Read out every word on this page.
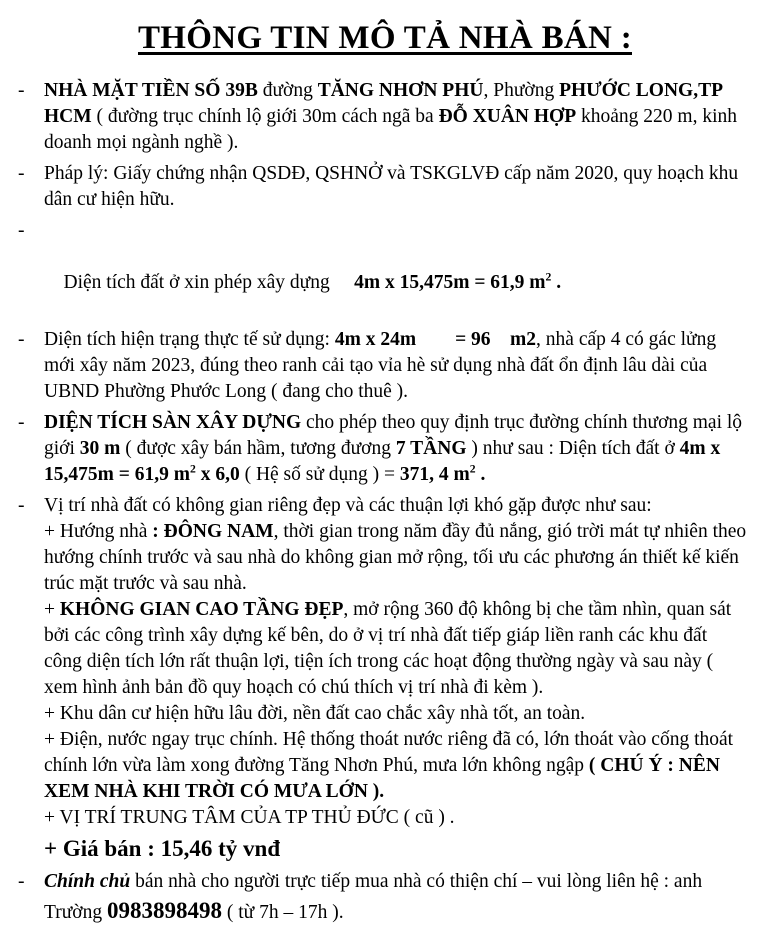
THÔNG TIN MÔ TẢ NHÀ BÁN :
- NHÀ MẶT TIỀN SỐ 39B đường TĂNG NHƠN PHÚ, Phường PHƯỚC LONG,TP HCM ( đường trục chính lộ giới 30m cách ngã ba ĐỖ XUÂN HỢP khoảng 220 m, kinh doanh mọi ngành nghề ).
- Pháp lý: Giấy chứng nhận QSDĐ, QSHNỞ và TSKGLVĐ cấp năm 2020, quy hoạch khu dân cư hiện hữu.

-

Diện tích đất ở xin phép xây dựng     4m x 15,475m = 61,9 $m^2$ .

- Diện tích hiện trạng thực tế sử dụng: 4m x 24m        = 96    m2, nhà cấp 4 có gác lửng mới xây năm 2023, đúng theo ranh cải tạo vỉa hè sử dụng nhà đất ổn định lâu dài của UBND Phường Phước Long ( đang cho thuê ).
- DIỆN TÍCH SÀN XÂY DỰNG cho phép theo quy định trục đường chính thương mại lộ giới 30 m ( được xây bán hầm, tương đương 7 TẦNG ) như sau : Diện tích đất ở 4m x 15,475m = 61,9 $m^2$ x 6,0 ( Hệ số sử dụng ) = 371, 4 $m^2$ .
- Vị trí nhà đất có không gian riêng đẹp và các thuận lợi khó gặp được như sau:
+ Hướng nhà : ĐÔNG NAM, thời gian trong năm đầy đủ nắng, gió trời mát tự nhiên theo hướng chính trước và sau nhà do không gian mở rộng, tối ưu các phương án thiết kế kiến trúc mặt trước và sau nhà.
+ KHÔNG GIAN CAO TẦNG ĐẸP, mở rộng 360 độ không bị che tầm nhìn, quan sát bởi các công trình xây dựng kế bên, do ở vị trí nhà đất tiếp giáp liền ranh các khu đất công diện tích lớn rất thuận lợi, tiện ích trong các hoạt động thường ngày và sau này ( xem hình ảnh bản đồ quy hoạch có chú thích vị trí nhà đi kèm ).
+ Khu dân cư hiện hữu lâu đời, nền đất cao chắc xây nhà tốt, an toàn.
+ Điện, nước ngay trục chính. Hệ thống thoát nước riêng đã có, lớn thoát vào cống thoát chính lớn vừa làm xong đường Tăng Nhơn Phú, mưa lớn không ngập ( CHÚ Ý : NÊN XEM NHÀ KHI TRỜI CÓ MƯA LỚN ).
+ VỊ TRÍ TRUNG TÂM CỦA TP THỦ ĐỨC ( cũ ) .
+ Giá bán : 15,46 tỷ vnđ
- Chính chủ bán nhà cho người trực tiếp mua nhà có thiện chí – vui lòng liên hệ : anh Trường 0983898498 ( từ 7h – 17h ).
